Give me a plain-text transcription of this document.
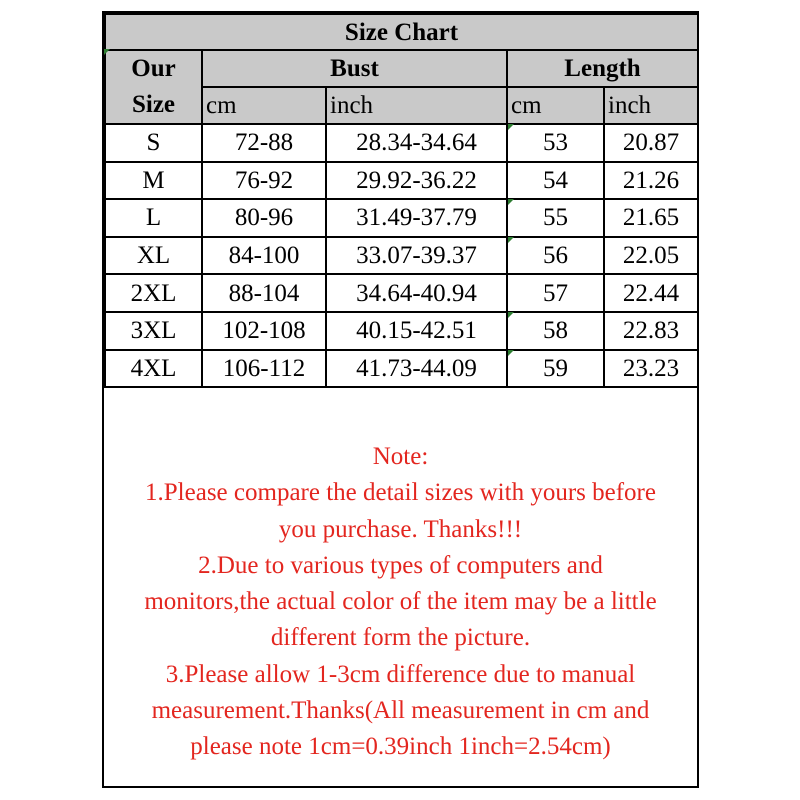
Size Chart				
Our
Size	Bust		Length	
	cm	inch	cm	inch
S	72-88	28.34-34.64	53	20.87
M	76-92	29.92-36.22	54	21.26
L	80-96	31.49-37.79	55	21.65
XL	84-100	33.07-39.37	56	22.05
2XL	88-104	34.64-40.94	57	22.44
3XL	102-108	40.15-42.51	58	22.83
4XL	106-112	41.73-44.09	59	23.23
Note:
1.Please compare the detail sizes with yours before
you purchase. Thanks!!!
2.Due to various types of computers and
monitors,the actual color of the item may be a little
different form the picture.
3.Please allow 1-3cm difference due to manual
measurement.Thanks(All measurement in cm and
please note 1cm=0.39inch 1inch=2.54cm)
